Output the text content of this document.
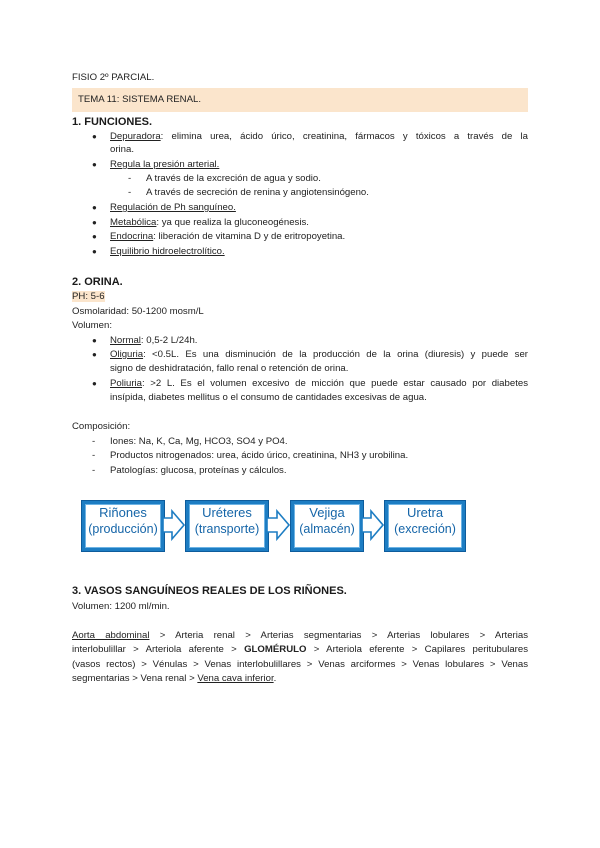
FISIO 2º PARCIAL.
TEMA 11: SISTEMA RENAL.
1. FUNCIONES.
● Depuradora: elimina urea, ácido úrico, creatinina, fármacos y tóxicos a través de la
orina.
● Regula la presión arterial.
- A través de la excreción de agua y sodio.
- A través de secreción de renina y angiotensinógeno.
● Regulación de Ph sanguíneo.
● Metabólica: ya que realiza la gluconeogénesis.
● Endocrina: liberación de vitamina D y de eritropoyetina.
● Equilibrio hidroelectrolítico.
2. ORINA.
PH: 5-6
Osmolaridad: 50-1200 mosm/L
Volumen:
● Normal: 0,5-2 L/24h.
● Oliguria: <0.5L. Es una disminución de la producción de la orina (diuresis) y puede ser
signo de deshidratación, fallo renal o retención de orina.
● Poliuria: >2 L. Es el volumen excesivo de micción que puede estar causado por diabetes
insípida, diabetes mellitus o el consumo de cantidades excesivas de agua.
Composición:
- Iones: Na, K, Ca, Mg, HCO3, SO4 y PO4.
- Productos nitrogenados: urea, ácido úrico, creatinina, NH3 y urobilina.
- Patologías: glucosa, proteínas y cálculos.
Riñones
(producción)
Uréteres
(transporte)
Vejiga
(almacén)
Uretra
(excreción)
3. VASOS SANGUÍNEOS REALES DE LOS RIÑONES.
Volumen: 1200 ml/min.
Aorta abdominal > Arteria renal > Arterias segmentarias > Arterias lobulares > Arterias
interlobulillar > Arteriola aferente > GLOMÉRULO > Arteriola eferente > Capilares peritubulares
(vasos rectos) > Vénulas > Venas interlobulillares > Venas arciformes > Venas lobulares > Venas
segmentarias > Vena renal > Vena cava inferior.
